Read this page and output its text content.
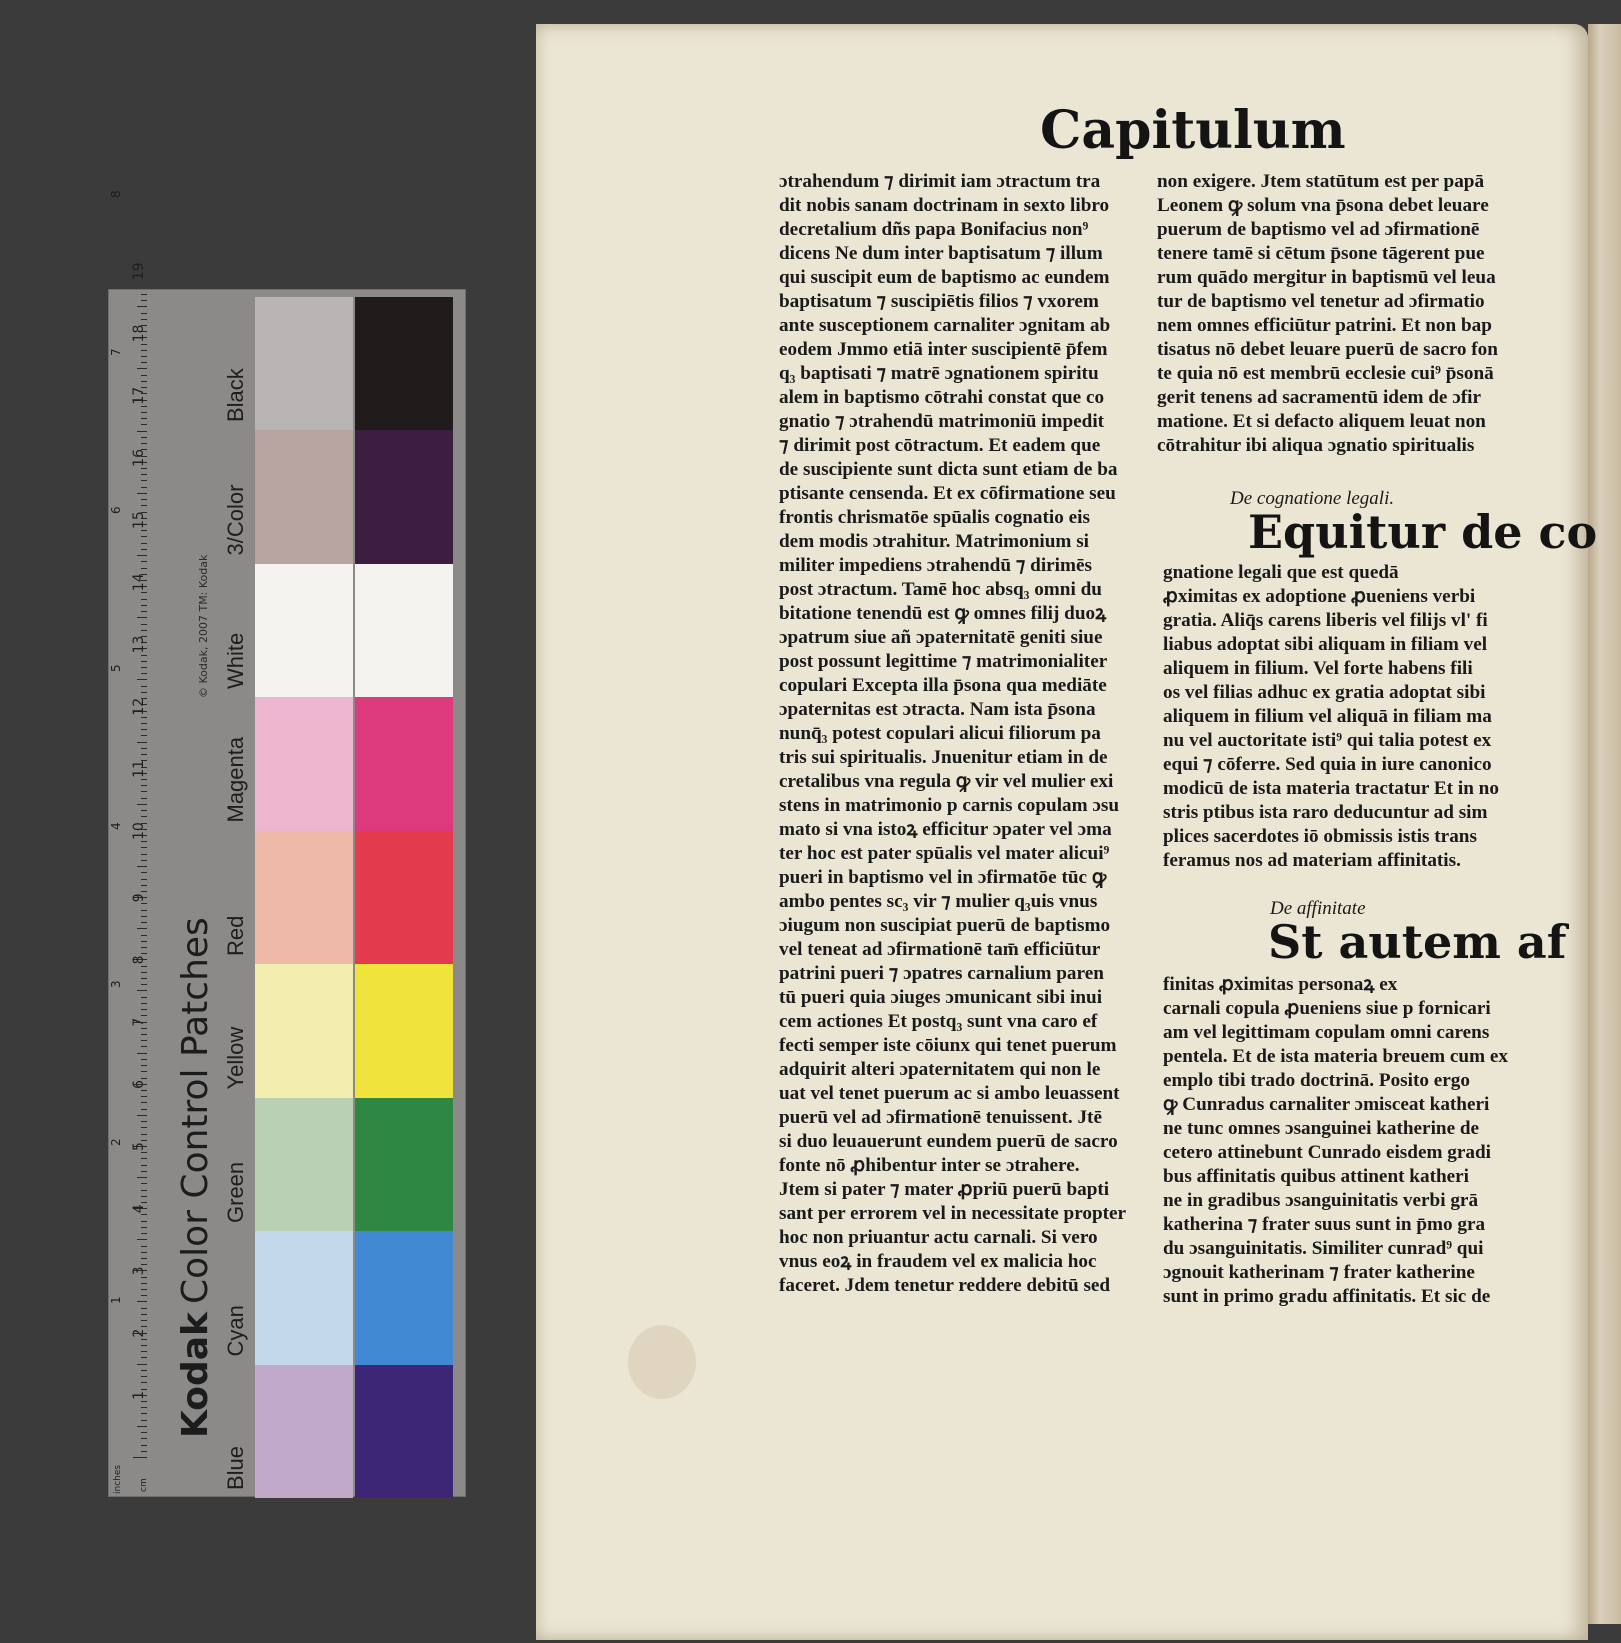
inches cm
1
2
3
4
5
6
7
8
9
10
11
12
13
14
15
16
17
18
19
1
2
3
4
5
6
7
8
KodakColor Control Patches
© Kodak, 2007 TM: Kodak
Blue
Cyan
Green
Yellow
Red
Magenta
White
3/Color
Black
Capitulum
ɔtrahendum ⁊ dirimit iam ɔtractum tra
dit nobis sanam doctrinam in sexto libro
decretalium dñs papa Bonifacius non⁹
dicens Ne dum inter baptisatum ⁊ illum
qui suscipit eum de baptismo ac eundem
baptisatum ⁊ suscipiētis filios ⁊ vxorem
ante susceptionem carnaliter ɔgnitam ab
eodem Jmmo etiā inter suscipientē p̄fem
q₃ baptisati ⁊ matrē ɔgnationem spiritu
alem in baptismo cōtrahi constat que co
gnatio ⁊ ɔtrahendū matrimoniū impedit
⁊ dirimit post cōtractum. Et eadem que
de suscipiente sunt dicta sunt etiam de ba
ptisante censenda. Et ex cōfirmatione seu
frontis chrismatōe spūalis cognatio eis
dem modis ɔtrahitur. Matrimonium si
militer impediens ɔtrahendū ⁊ dirimēs
post ɔtractum. Tamē hoc absq₃ omni du
bitatione tenendū est ꝙ omnes filij duoꝝ
ɔpatrum siue añ ɔpaternitatē geniti siue
post possunt legittime ⁊ matrimonialiter
copulari Excepta illa p̄sona qua mediāte
ɔpaternitas est ɔtracta. Nam ista p̄sona
nunq̄₃ potest copulari alicui filiorum pa
tris sui spiritualis. Jnuenitur etiam in de
cretalibus vna regula ꝙ vir vel mulier exi
stens in matrimonio p carnis copulam ɔsu
mato si vna istoꝝ efficitur ɔpater vel ɔma
ter hoc est pater spūalis vel mater alicui⁹
pueri in baptismo vel in ɔfirmatōe tūc ꝙ
ambo pentes sc₃ vir ⁊ mulier q₃uis vnus
ɔiugum non suscipiat puerū de baptismo
vel teneat ad ɔfirmationē tam̄ efficiūtur
patrini pueri ⁊ ɔpatres carnalium paren
tū pueri quia ɔiuges ɔmunicant sibi inui
cem actiones Et postq₃ sunt vna caro ef
fecti semper iste cōiunx qui tenet puerum
adquirit alteri ɔpaternitatem qui non le
uat vel tenet puerum ac si ambo leuassent
puerū vel ad ɔfirmationē tenuissent. Jtē
si duo leuauerunt eundem puerū de sacro
fonte nō ꝓhibentur inter se ɔtrahere.
Jtem si pater ⁊ mater ꝓpriū puerū bapti
sant per errorem vel in necessitate propter
hoc non priuantur actu carnali. Si vero
vnus eoꝝ in fraudem vel ex malicia hoc
faceret. Jdem tenetur reddere debitū sed
non exigere. Jtem statūtum est per papā
Leonem ꝙ solum vna p̄sona debet leuare
puerum de baptismo vel ad ɔfirmationē
tenere tamē si cētum p̄sone tāgerent pue
rum quādo mergitur in baptismū vel leua
tur de baptismo vel tenetur ad ɔfirmatio
nem omnes efficiūtur patrini. Et non bap
tisatus nō debet leuare puerū de sacro fon
te quia nō est membrū ecclesie cui⁹ p̄sonā
gerit tenens ad sacramentū idem de ɔfir
matione. Et si defacto aliquem leuat non
cōtrahitur ibi aliqua ɔgnatio spiritualis
De cognatione legali.
Equitur de co
gnatione legali que est quedā
ꝓximitas ex adoptione ꝓueniens verbi
gratia. Aliq̄s carens liberis vel filijs vl' fi
liabus adoptat sibi aliquam in filiam vel
aliquem in filium. Vel forte habens fili
os vel filias adhuc ex gratia adoptat sibi
aliquem in filium vel aliquā in filiam ma
nu vel auctoritate isti⁹ qui talia potest ex
equi ⁊ cōferre. Sed quia in iure canonico
modicū de ista materia tractatur Et in no
stris ptibus ista raro deducuntur ad sim
plices sacerdotes iō obmissis istis trans
feramus nos ad materiam affinitatis.
De affinitate
St autem af
finitas ꝓximitas personaꝝ ex
carnali copula ꝓueniens siue p fornicari
am vel legittimam copulam omni carens
pentela. Et de ista materia breuem cum ex
emplo tibi trado doctrinā. Posito ergo
ꝙ Cunradus carnaliter ɔmisceat katheri
ne tunc omnes ɔsanguinei katherine de
cetero attinebunt Cunrado eisdem gradi
bus affinitatis quibus attinent katheri
ne in gradibus ɔsanguinitatis verbi grā
katherina ⁊ frater suus sunt in p̄mo gra
du ɔsanguinitatis. Similiter cunrad⁹ qui
ɔgnouit katherinam ⁊ frater katherine
sunt in primo gradu affinitatis. Et sic de
